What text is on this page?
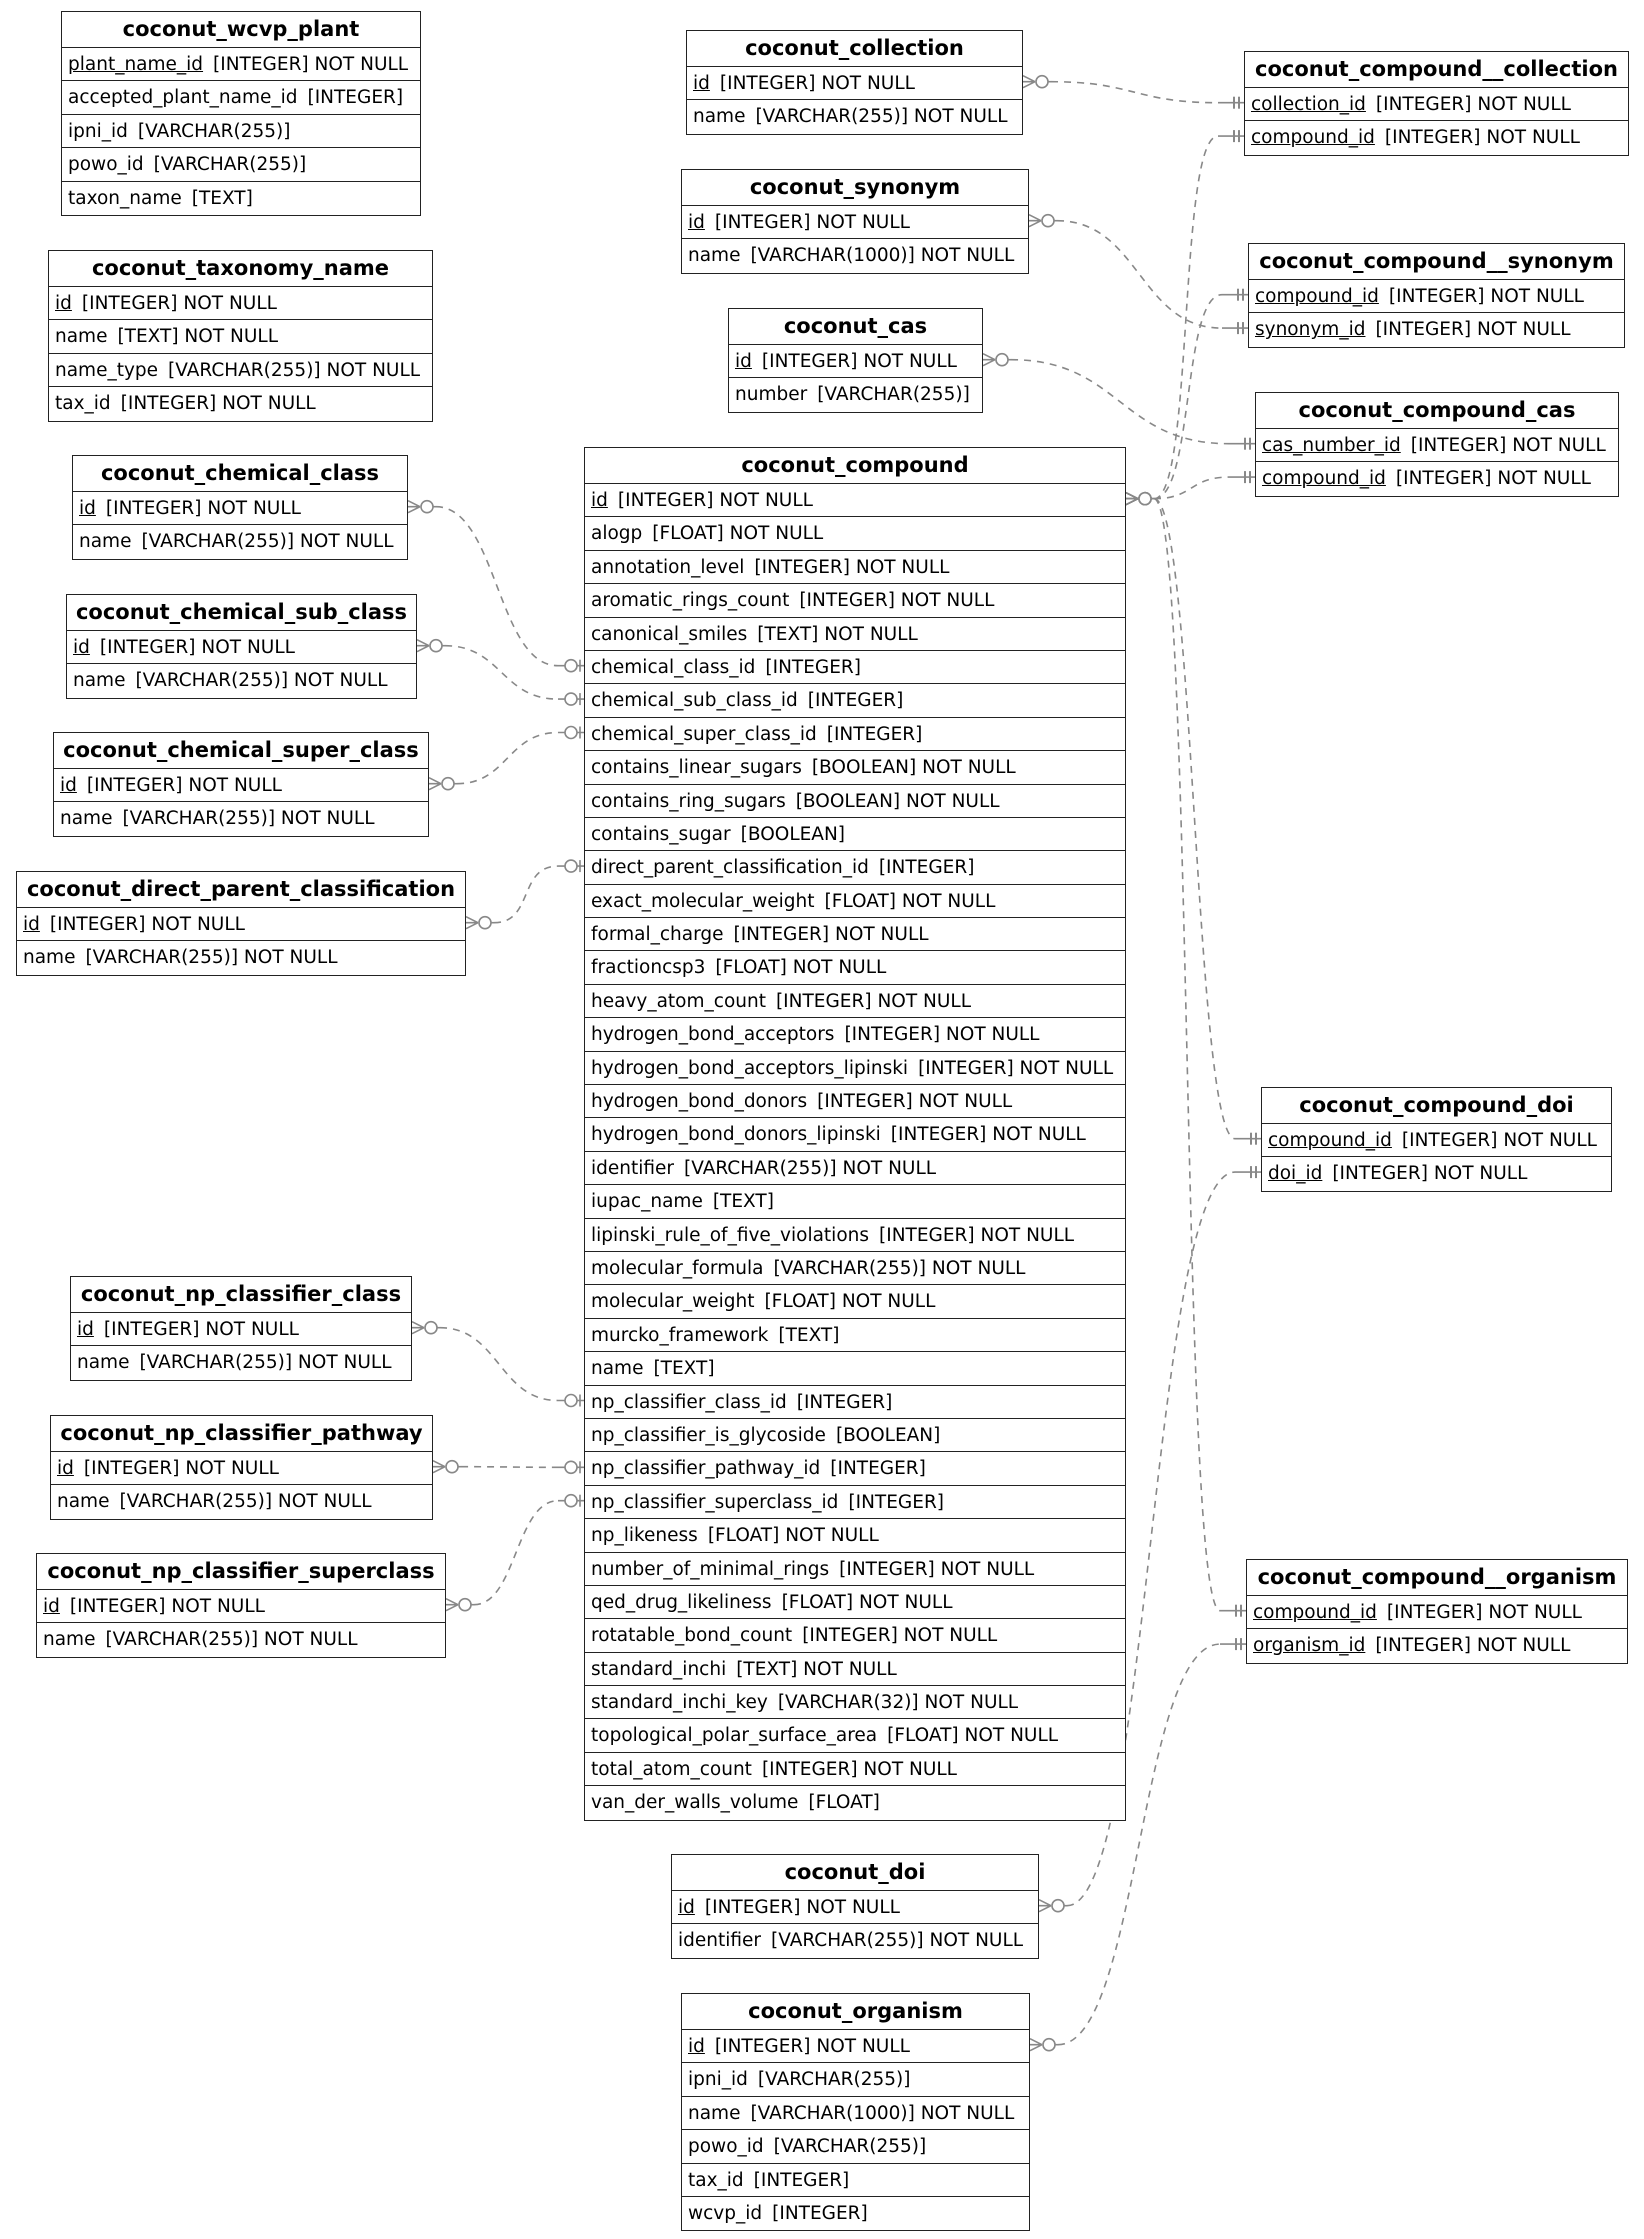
coconut_wcvp_plant
plant_name_id [INTEGER] NOT NULL
accepted_plant_name_id [INTEGER]
ipni_id [VARCHAR(255)]
powo_id [VARCHAR(255)]
taxon_name [TEXT]
coconut_taxonomy_name
id [INTEGER] NOT NULL
name [TEXT] NOT NULL
name_type [VARCHAR(255)] NOT NULL
tax_id [INTEGER] NOT NULL
coconut_chemical_class
id [INTEGER] NOT NULL
name [VARCHAR(255)] NOT NULL
coconut_chemical_sub_class
id [INTEGER] NOT NULL
name [VARCHAR(255)] NOT NULL
coconut_chemical_super_class
id [INTEGER] NOT NULL
name [VARCHAR(255)] NOT NULL
coconut_direct_parent_classification
id [INTEGER] NOT NULL
name [VARCHAR(255)] NOT NULL
coconut_np_classifier_class
id [INTEGER] NOT NULL
name [VARCHAR(255)] NOT NULL
coconut_np_classifier_pathway
id [INTEGER] NOT NULL
name [VARCHAR(255)] NOT NULL
coconut_np_classifier_superclass
id [INTEGER] NOT NULL
name [VARCHAR(255)] NOT NULL
coconut_collection
id [INTEGER] NOT NULL
name [VARCHAR(255)] NOT NULL
coconut_synonym
id [INTEGER] NOT NULL
name [VARCHAR(1000)] NOT NULL
coconut_cas
id [INTEGER] NOT NULL
number [VARCHAR(255)]
coconut_compound
id [INTEGER] NOT NULL
alogp [FLOAT] NOT NULL
annotation_level [INTEGER] NOT NULL
aromatic_rings_count [INTEGER] NOT NULL
canonical_smiles [TEXT] NOT NULL
chemical_class_id [INTEGER]
chemical_sub_class_id [INTEGER]
chemical_super_class_id [INTEGER]
contains_linear_sugars [BOOLEAN] NOT NULL
contains_ring_sugars [BOOLEAN] NOT NULL
contains_sugar [BOOLEAN]
direct_parent_classification_id [INTEGER]
exact_molecular_weight [FLOAT] NOT NULL
formal_charge [INTEGER] NOT NULL
fractioncsp3 [FLOAT] NOT NULL
heavy_atom_count [INTEGER] NOT NULL
hydrogen_bond_acceptors [INTEGER] NOT NULL
hydrogen_bond_acceptors_lipinski [INTEGER] NOT NULL
hydrogen_bond_donors [INTEGER] NOT NULL
hydrogen_bond_donors_lipinski [INTEGER] NOT NULL
identifier [VARCHAR(255)] NOT NULL
iupac_name [TEXT]
lipinski_rule_of_five_violations [INTEGER] NOT NULL
molecular_formula [VARCHAR(255)] NOT NULL
molecular_weight [FLOAT] NOT NULL
murcko_framework [TEXT]
name [TEXT]
np_classifier_class_id [INTEGER]
np_classifier_is_glycoside [BOOLEAN]
np_classifier_pathway_id [INTEGER]
np_classifier_superclass_id [INTEGER]
np_likeness [FLOAT] NOT NULL
number_of_minimal_rings [INTEGER] NOT NULL
qed_drug_likeliness [FLOAT] NOT NULL
rotatable_bond_count [INTEGER] NOT NULL
standard_inchi [TEXT] NOT NULL
standard_inchi_key [VARCHAR(32)] NOT NULL
topological_polar_surface_area [FLOAT] NOT NULL
total_atom_count [INTEGER] NOT NULL
van_der_walls_volume [FLOAT]
coconut_doi
id [INTEGER] NOT NULL
identifier [VARCHAR(255)] NOT NULL
coconut_organism
id [INTEGER] NOT NULL
ipni_id [VARCHAR(255)]
name [VARCHAR(1000)] NOT NULL
powo_id [VARCHAR(255)]
tax_id [INTEGER]
wcvp_id [INTEGER]
coconut_compound__collection
collection_id [INTEGER] NOT NULL
compound_id [INTEGER] NOT NULL
coconut_compound__synonym
compound_id [INTEGER] NOT NULL
synonym_id [INTEGER] NOT NULL
coconut_compound_cas
cas_number_id [INTEGER] NOT NULL
compound_id [INTEGER] NOT NULL
coconut_compound_doi
compound_id [INTEGER] NOT NULL
doi_id [INTEGER] NOT NULL
coconut_compound__organism
compound_id [INTEGER] NOT NULL
organism_id [INTEGER] NOT NULL
